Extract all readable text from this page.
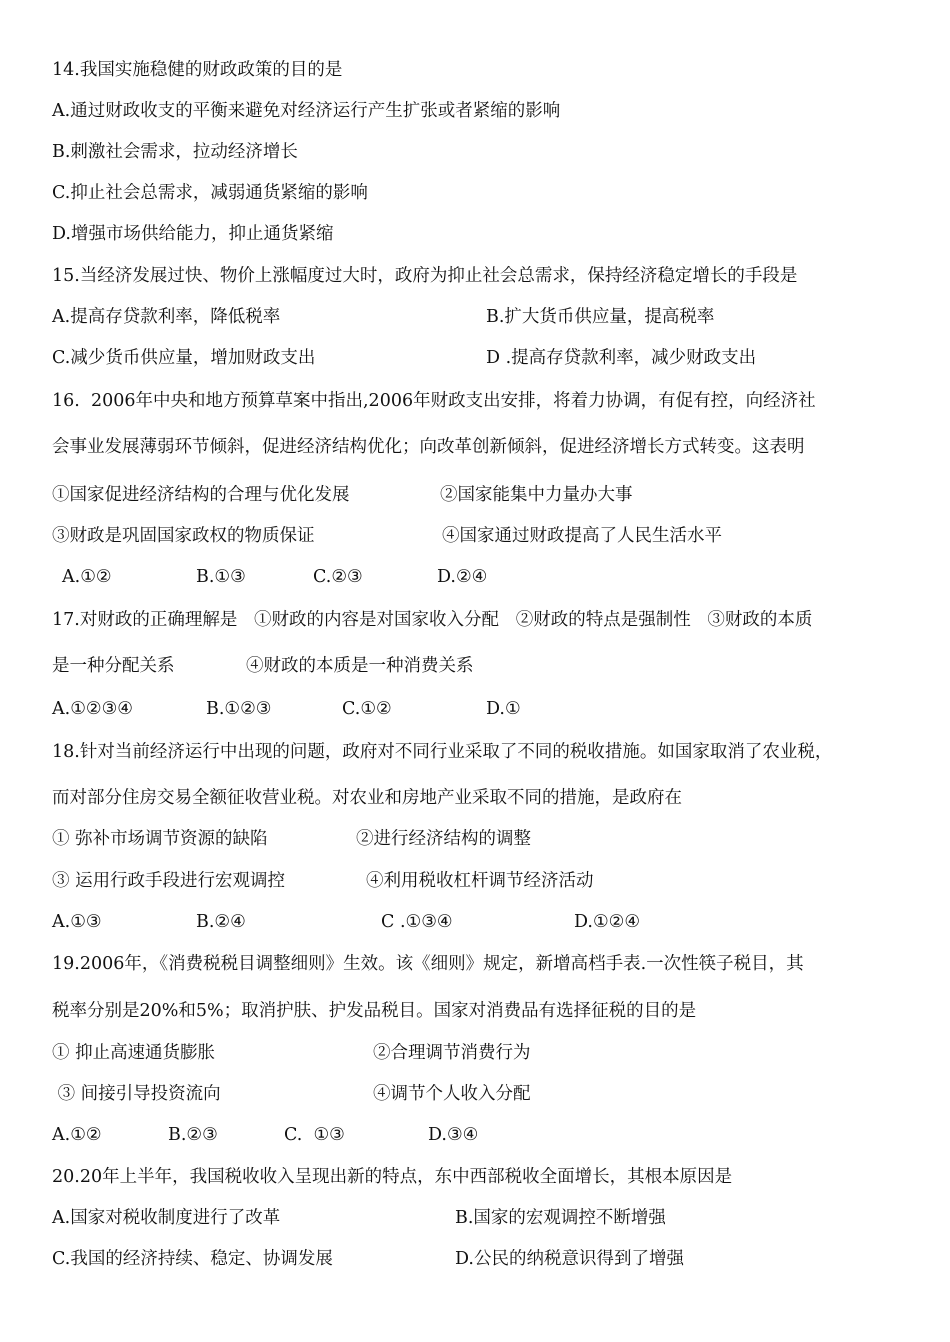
14.我国实施稳健的财政政策的目的是
A.通过财政收支的平衡来避免对经济运行产生扩张或者紧缩的影响
B.刺激社会需求，拉动经济增长
C.抑止社会总需求，减弱通货紧缩的影响
D.增强市场供给能力，抑止通货紧缩
15.当经济发展过快、物价上涨幅度过大时，政府为抑止社会总需求，保持经济稳定增长的手段是
A.提高存贷款利率，降低税率	B.扩大货币供应量，提高税率
C.减少货币供应量，增加财政支出	D .提高存贷款利率，减少财政支出
16.  2006年中央和地方预算草案中指出,2006年财政支出安排，将着力协调，有促有控，向经济社
会事业发展薄弱环节倾斜，促进经济结构优化；向改革创新倾斜，促进经济增长方式转变。这表明
①国家促进经济结构的合理与优化发展	②国家能集中力量办大事
③财政是巩固国家政权的物质保证	④国家通过财政提高了人民生活水平
A.①②	B.①③	C.②③	D.②④
17.对财政的正确理解是   ①财政的内容是对国家收入分配   ②财政的特点是强制性   ③财政的本质
是一种分配关系	④财政的本质是一种消费关系
A.①②③④	B.①②③	C.①②	D.①
18.针对当前经济运行中出现的问题，政府对不同行业采取了不同的税收措施。如国家取消了农业税，
而对部分住房交易全额征收营业税。对农业和房地产业采取不同的措施，是政府在
① 弥补市场调节资源的缺陷	②进行经济结构的调整
③ 运用行政手段进行宏观调控	④利用税收杠杆调节经济活动
A.①③	B.②④	C .①③④	D.①②④
19.2006年，《消费税税目调整细则》生效。该《细则》规定，新增高档手表.一次性筷子税目，其
税率分别是20%和5%；取消护肤、护发品税目。国家对消费品有选择征税的目的是
① 抑止高速通货膨胀	②合理调节消费行为
③ 间接引导投资流向	④调节个人收入分配
A.①②	B.②③	C.  ①③	D.③④
20.20年上半年，我国税收收入呈现出新的特点，东中西部税收全面增长，其根本原因是
A.国家对税收制度进行了改革	B.国家的宏观调控不断增强
C.我国的经济持续、稳定、协调发展	D.公民的纳税意识得到了增强
